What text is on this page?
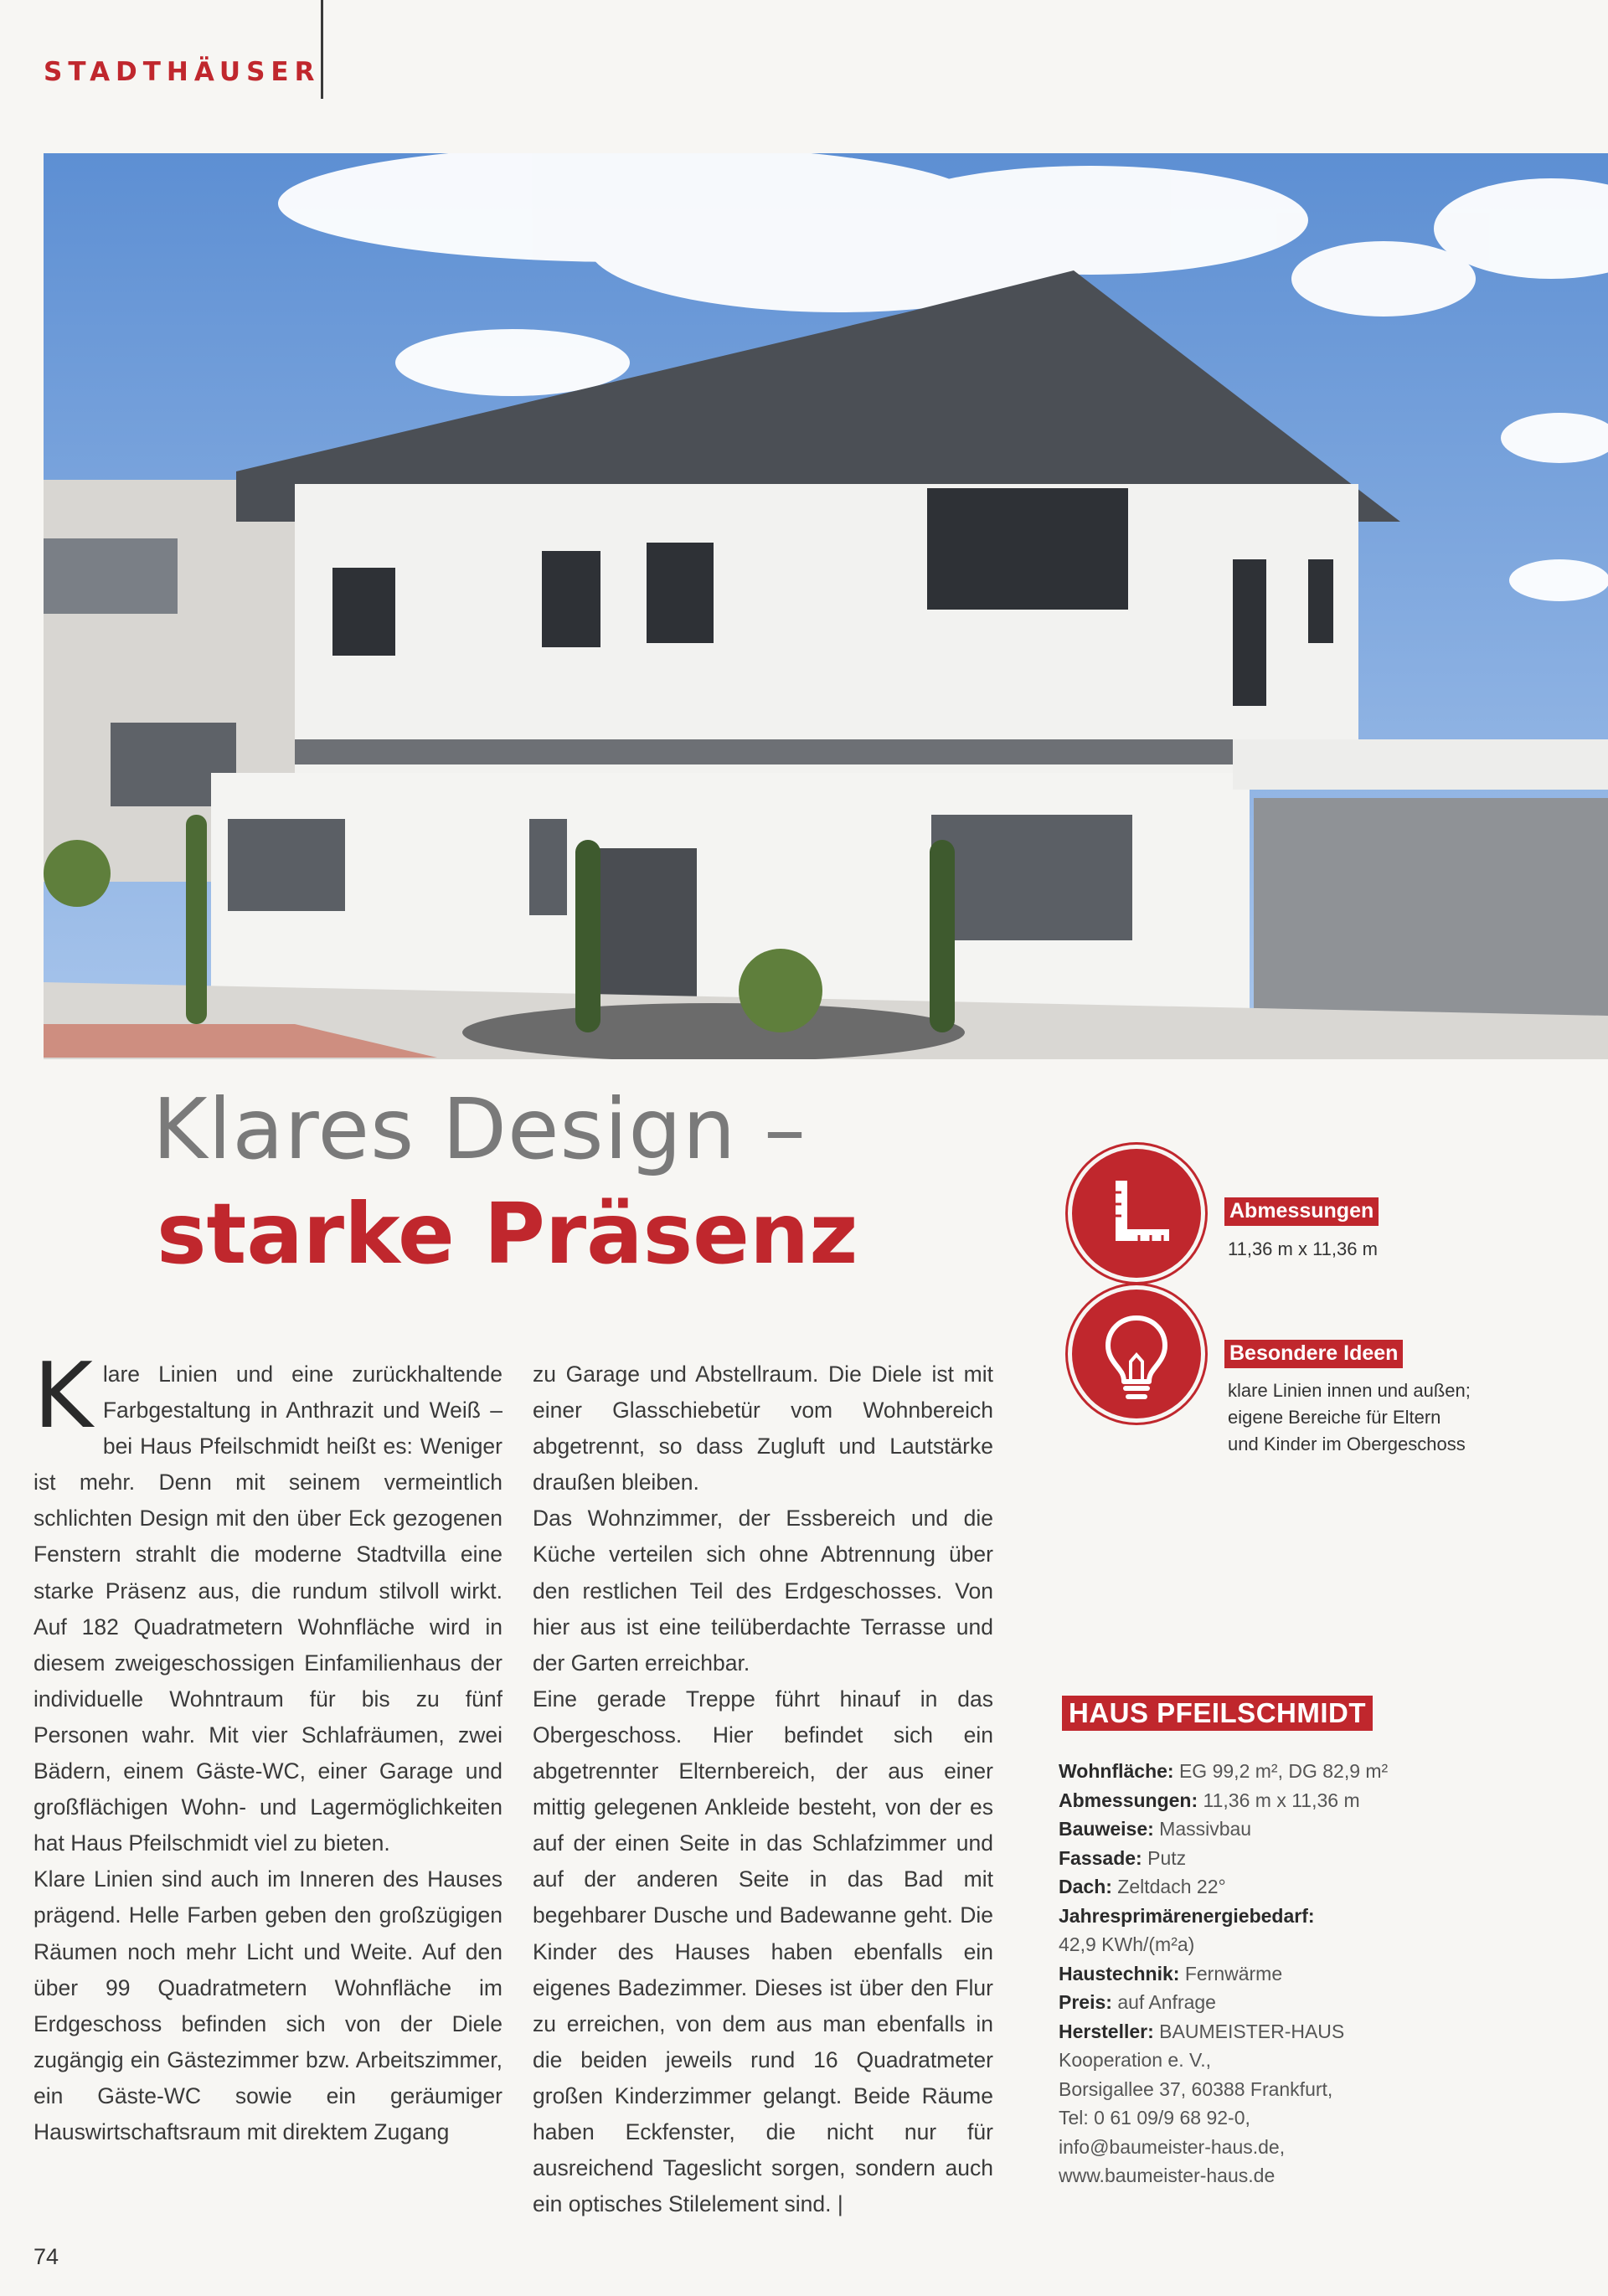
STADTHÄUSER
Klares Design –
starke Präsenz	Abmessungen
11,36 m x 11,36 m
Besondere Ideen
klare Linien innen und außen;
eigene Bereiche für Eltern
und Kinder im Obergeschoss

Klare Linien und eine zurückhaltende Farbgestaltung in Anthrazit und Weiß – bei Haus Pfeilschmidt heißt es: Weniger ist mehr. Denn mit seinem vermeintlich schlichten Design mit den über Eck gezogenen Fenstern strahlt die moderne Stadtvilla eine starke Präsenz aus, die rundum stilvoll wirkt. Auf 182 Quadratmetern Wohnfläche wird in diesem zweigeschossigen Einfamilienhaus der individuelle Wohntraum für bis zu fünf Personen wahr. Mit vier Schlafräumen, zwei Bädern, einem Gäste-WC, einer Garage und großflächigen Wohn- und Lagermöglichkeiten hat Haus Pfeilschmidt viel zu bieten.

Klare Linien sind auch im Inneren des Hauses prägend. Helle Farben geben den großzügigen Räumen noch mehr Licht und Weite. Auf den über 99 Quadratmetern Wohnfläche im Erdgeschoss befinden sich von der Diele zugängig ein Gästezimmer bzw. Arbeitszimmer, ein Gäste-WC sowie ein geräumiger Hauswirtschaftsraum mit direktem Zugang

zu Garage und Abstellraum. Die Diele ist mit einer Glasschiebetür vom Wohnbereich abgetrennt, so dass Zugluft und Lautstärke draußen bleiben.

Das Wohnzimmer, der Essbereich und die Küche verteilen sich ohne Abtrennung über den restlichen Teil des Erdgeschosses. Von hier aus ist eine teilüberdachte Terrasse und der Garten erreichbar.

Eine gerade Treppe führt hinauf in das Obergeschoss. Hier befindet sich ein abgetrennter Elternbereich, der aus einer mittig gelegenen Ankleide besteht, von der es auf der einen Seite in das Schlafzimmer und auf der anderen Seite in das Bad mit begehbarer Dusche und Badewanne geht. Die Kinder des Hauses haben ebenfalls ein eigenes Badezimmer. Dieses ist über den Flur zu erreichen, von dem aus man ebenfalls in die beiden jeweils rund 16 Quadratmeter großen Kinderzimmer gelangt. Beide Räume haben Eckfenster, die nicht nur für ausreichend Tageslicht sorgen, sondern auch ein optisches Stilelement sind. |

HAUS PFEILSCHMIDT
Wohnfläche: EG 99,2 m², DG 82,9 m²
Abmessungen: 11,36 m x 11,36 m
Bauweise: Massivbau
Fassade: Putz
Dach: Zeltdach 22°
Jahresprimärenergiebedarf:
42,9 KWh/(m²a)
Haustechnik: Fernwärme
Preis: auf Anfrage
Hersteller: BAUMEISTER-HAUS
Kooperation e. V.,
Borsigallee 37, 60388 Frankfurt,
Tel: 0 61 09/9 68 92-0,
info@baumeister-haus.de,
www.baumeister-haus.de
74
